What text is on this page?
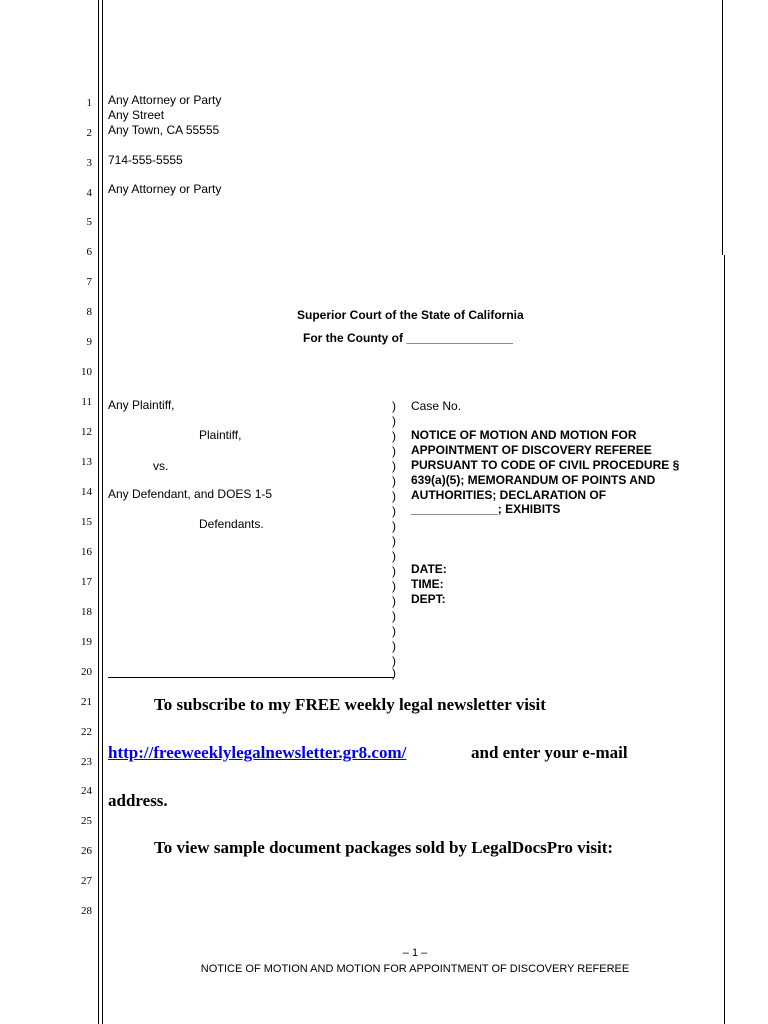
1
2
3
4
5
6
7
8
9
10
11
12
13
14
15
16
17
18
19
20
21
22
23
24
25
26
27
28
Any Attorney or Party
Any Street
Any Town, CA 55555
714-555-5555
Any Attorney or Party
Superior Court of the State of California
For the County of ________________
Any Plaintiff,
Plaintiff,
vs.
Any Defendant, and DOES 1-5
Defendants.
)
)
)
)
)
)
)
)
)
)
)
)
)
)
)
)
)
)
)
Case No.
NOTICE OF MOTION AND MOTION FOR
APPOINTMENT OF DISCOVERY REFEREE
PURSUANT TO CODE OF CIVIL PROCEDURE §
639(a)(5); MEMORANDUM OF POINTS AND
AUTHORITIES; DECLARATION OF
_____________; EXHIBITS
DATE:
TIME:
DEPT:
To subscribe to my FREE weekly legal newsletter visit
http://freeweeklylegalnewsletter.gr8.com/	and enter your e-mail
address.
To view sample document packages sold by LegalDocsPro visit:
– 1 –
NOTICE OF MOTION AND MOTION FOR APPOINTMENT OF DISCOVERY REFEREE
